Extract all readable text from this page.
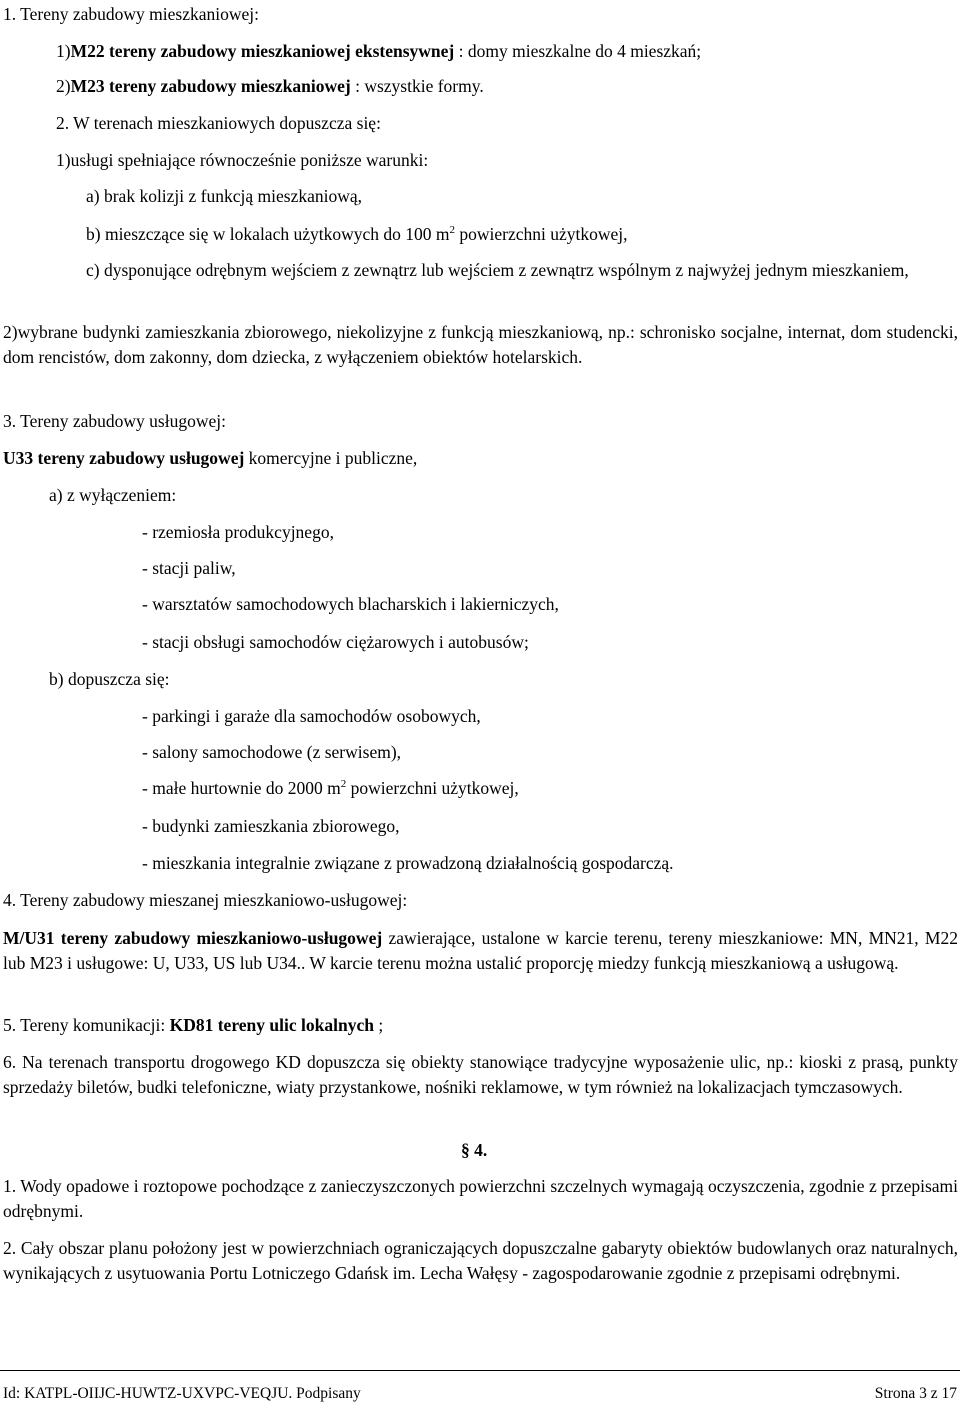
1. Tereny zabudowy mieszkaniowej:
1)M22 tereny zabudowy mieszkaniowej ekstensywnej : domy mieszkalne do 4 mieszkań;
2)M23 tereny zabudowy mieszkaniowej : wszystkie formy.
2. W terenach mieszkaniowych dopuszcza się:
1)usługi spełniające równocześnie poniższe warunki:
a) brak kolizji z funkcją mieszkaniową,
b) mieszczące się w lokalach użytkowych do 100 $m^2$ powierzchni użytkowej,
c) dysponujące odrębnym wejściem z zewnątrz lub wejściem z zewnątrz wspólnym z najwyżej jednym mieszkaniem,
2)wybrane budynki zamieszkania zbiorowego, niekolizyjne z funkcją mieszkaniową, np.: schronisko socjalne, internat, dom studencki, dom rencistów, dom zakonny, dom dziecka, z wyłączeniem obiektów hotelarskich.
3. Tereny zabudowy usługowej:
U33 tereny zabudowy usługowej komercyjne i publiczne,
a) z wyłączeniem:
- rzemiosła produkcyjnego,
- stacji paliw,
- warsztatów samochodowych blacharskich i lakierniczych,
- stacji obsługi samochodów ciężarowych i autobusów;
b) dopuszcza się:
- parkingi i garaże dla samochodów osobowych,
- salony samochodowe (z serwisem),
- małe hurtownie do 2000 $m^2$ powierzchni użytkowej,
- budynki zamieszkania zbiorowego,
- mieszkania integralnie związane z prowadzoną działalnością gospodarczą.
4. Tereny zabudowy mieszanej mieszkaniowo-usługowej:
M/U31 tereny zabudowy mieszkaniowo-usługowej zawierające, ustalone w karcie terenu, tereny mieszkaniowe: MN, MN21, M22 lub M23 i usługowe: U, U33, US lub U34.. W karcie terenu można ustalić proporcję miedzy funkcją mieszkaniową a usługową.
5. Tereny komunikacji: KD81 tereny ulic lokalnych ;
6. Na terenach transportu drogowego KD dopuszcza się obiekty stanowiące tradycyjne wyposażenie ulic, np.: kioski z prasą, punkty sprzedaży biletów, budki telefoniczne, wiaty przystankowe, nośniki reklamowe, w tym również na lokalizacjach tymczasowych.
§ 4.
1. Wody opadowe i roztopowe pochodzące z zanieczyszczonych powierzchni szczelnych wymagają oczyszczenia, zgodnie z przepisami odrębnymi.
2. Cały obszar planu położony jest w powierzchniach ograniczających dopuszczalne gabaryty obiektów budowlanych oraz naturalnych, wynikających z usytuowania Portu Lotniczego Gdańsk im. Lecha Wałęsy - zagospodarowanie zgodnie z przepisami odrębnymi.
Id: KATPL-OIIJC-HUWTZ-UXVPC-VEQJU. Podpisany	Strona 3 z 17
